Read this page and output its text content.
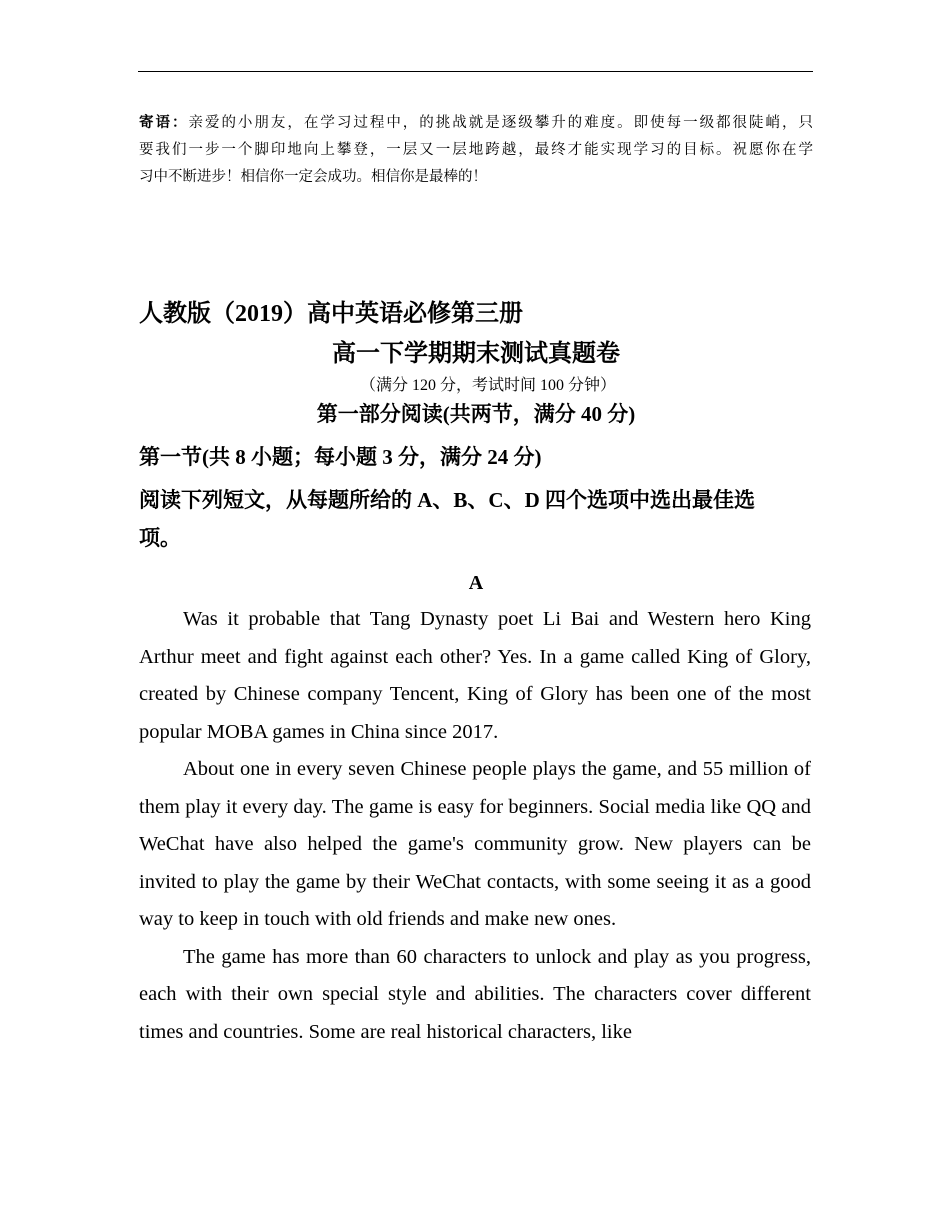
寄语：亲爱的小朋友，在学习过程中，的挑战就是逐级攀升的难度。即使每一级都很陡峭，只
要我们一步一个脚印地向上攀登，一层又一层地跨越，最终才能实现学习的目标。祝愿你在学
习中不断进步！相信你一定会成功。相信你是最棒的！
人教版（2019）高中英语必修第三册
高一下学期期末测试真题卷
（满分 120 分，考试时间 100 分钟）
第一部分阅读(共两节，满分 40 分)
第一节(共 8 小题；每小题 3 分，满分 24 分)
阅读下列短文，从每题所给的 A、B、C、D 四个选项中选出最佳选项。
A

Was it probable that Tang Dynasty poet Li Bai and Western hero King Arthur meet and fight against each other? Yes. In a game called King of Glory, created by Chinese company Tencent, King of Glory has been one of the most popular MOBA games in China since 2017.

About one in every seven Chinese people plays the game, and 55 million of them play it every day. The game is easy for beginners. Social media like QQ and WeChat have also helped the game's community grow. New players can be invited to play the game by their WeChat contacts, with some seeing it as a good way to keep in touch with old friends and make new ones.

The game has more than 60 characters to unlock and play as you progress, each with their own special style and abilities. The characters cover different times and countries. Some are real historical characters, like
